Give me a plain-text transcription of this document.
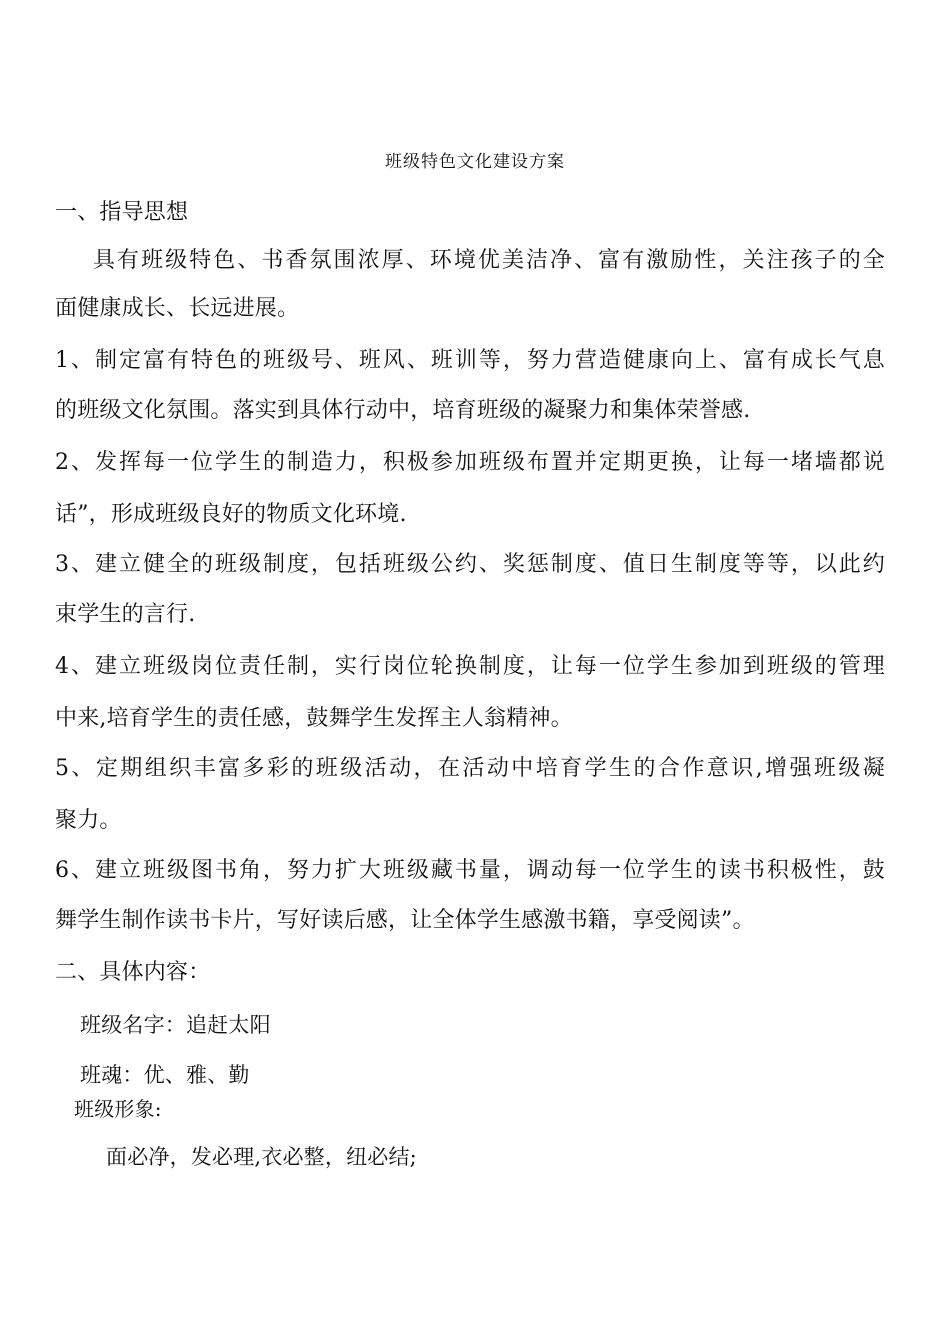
班级特色文化建设方案
一、指导思想
具有班级特色、书香氛围浓厚、环境优美洁净、富有激励性，关注孩子的全
面健康成长、长远进展。
1、制定富有特色的班级号、班风、班训等，努力营造健康向上、富有成长气息
的班级文化氛围。落实到具体行动中，培育班级的凝聚力和集体荣誉感.
2、发挥每一位学生的制造力，积极参加班级布置并定期更换，让每一堵墙都说
话”，形成班级良好的物质文化环境.
3、建立健全的班级制度，包括班级公约、奖惩制度、值日生制度等等，以此约
束学生的言行.
4、建立班级岗位责任制，实行岗位轮换制度，让每一位学生参加到班级的管理
中来,培育学生的责任感，鼓舞学生发挥主人翁精神。
5、定期组织丰富多彩的班级活动，在活动中培育学生的合作意识,增强班级凝
聚力。
6、建立班级图书角，努力扩大班级藏书量，调动每一位学生的读书积极性，鼓
舞学生制作读书卡片，写好读后感，让全体学生感激书籍，享受阅读”。
二、具体内容：
班级名字：追赶太阳
班魂：优、雅、勤
班级形象:
面必净，发必理,衣必整，纽必结;
